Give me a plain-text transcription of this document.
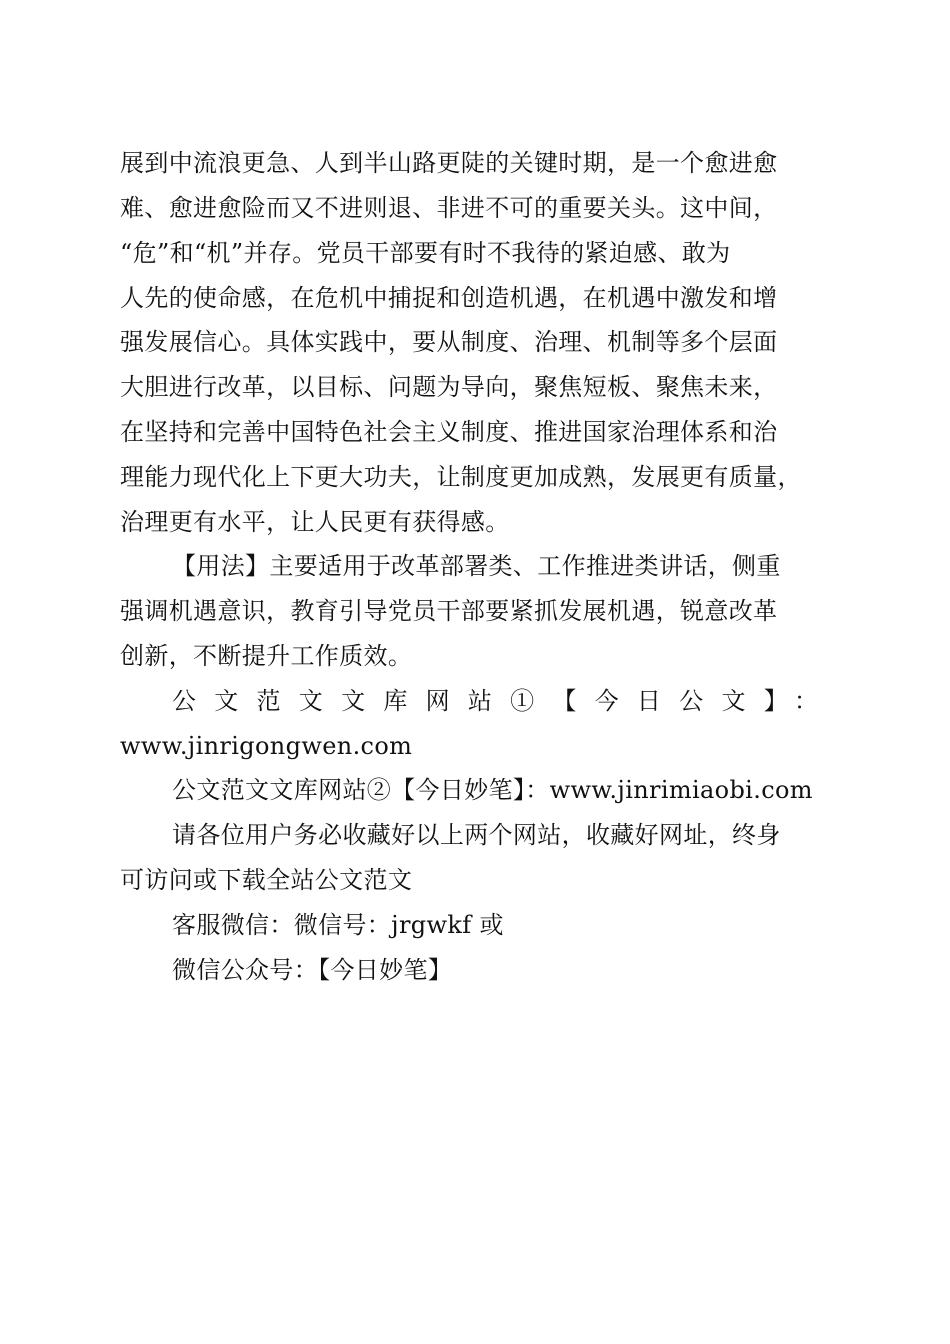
展到中流浪更急、人到半山路更陡的关键时期，是一个愈进愈
难、愈进愈险而又不进则退、非进不可的重要关头。这中间，
“危”和“机”并存。党员干部要有时不我待的紧迫感、敢为
人先的使命感，在危机中捕捉和创造机遇，在机遇中激发和增
强发展信心。具体实践中，要从制度、治理、机制等多个层面
大胆进行改革，以目标、问题为导向，聚焦短板、聚焦未来，
在坚持和完善中国特色社会主义制度、推进国家治理体系和治
理能力现代化上下更大功夫，让制度更加成熟，发展更有质量，
治理更有水平，让人民更有获得感。
【用法】主要适用于改革部署类、工作推进类讲话，侧重
强调机遇意识，教育引导党员干部要紧抓发展机遇，锐意改革
创新，不断提升工作质效。
公文范文文库网站①【今日公文】：
www.jinrigongwen.com
公文范文文库网站②【今日妙笔】：www.jinrimiaobi.com
请各位用户务必收藏好以上两个网站，收藏好网址，终身
可访问或下载全站公文范文
客服微信：微信号：jrgwkf 或
微信公众号：【今日妙笔】
